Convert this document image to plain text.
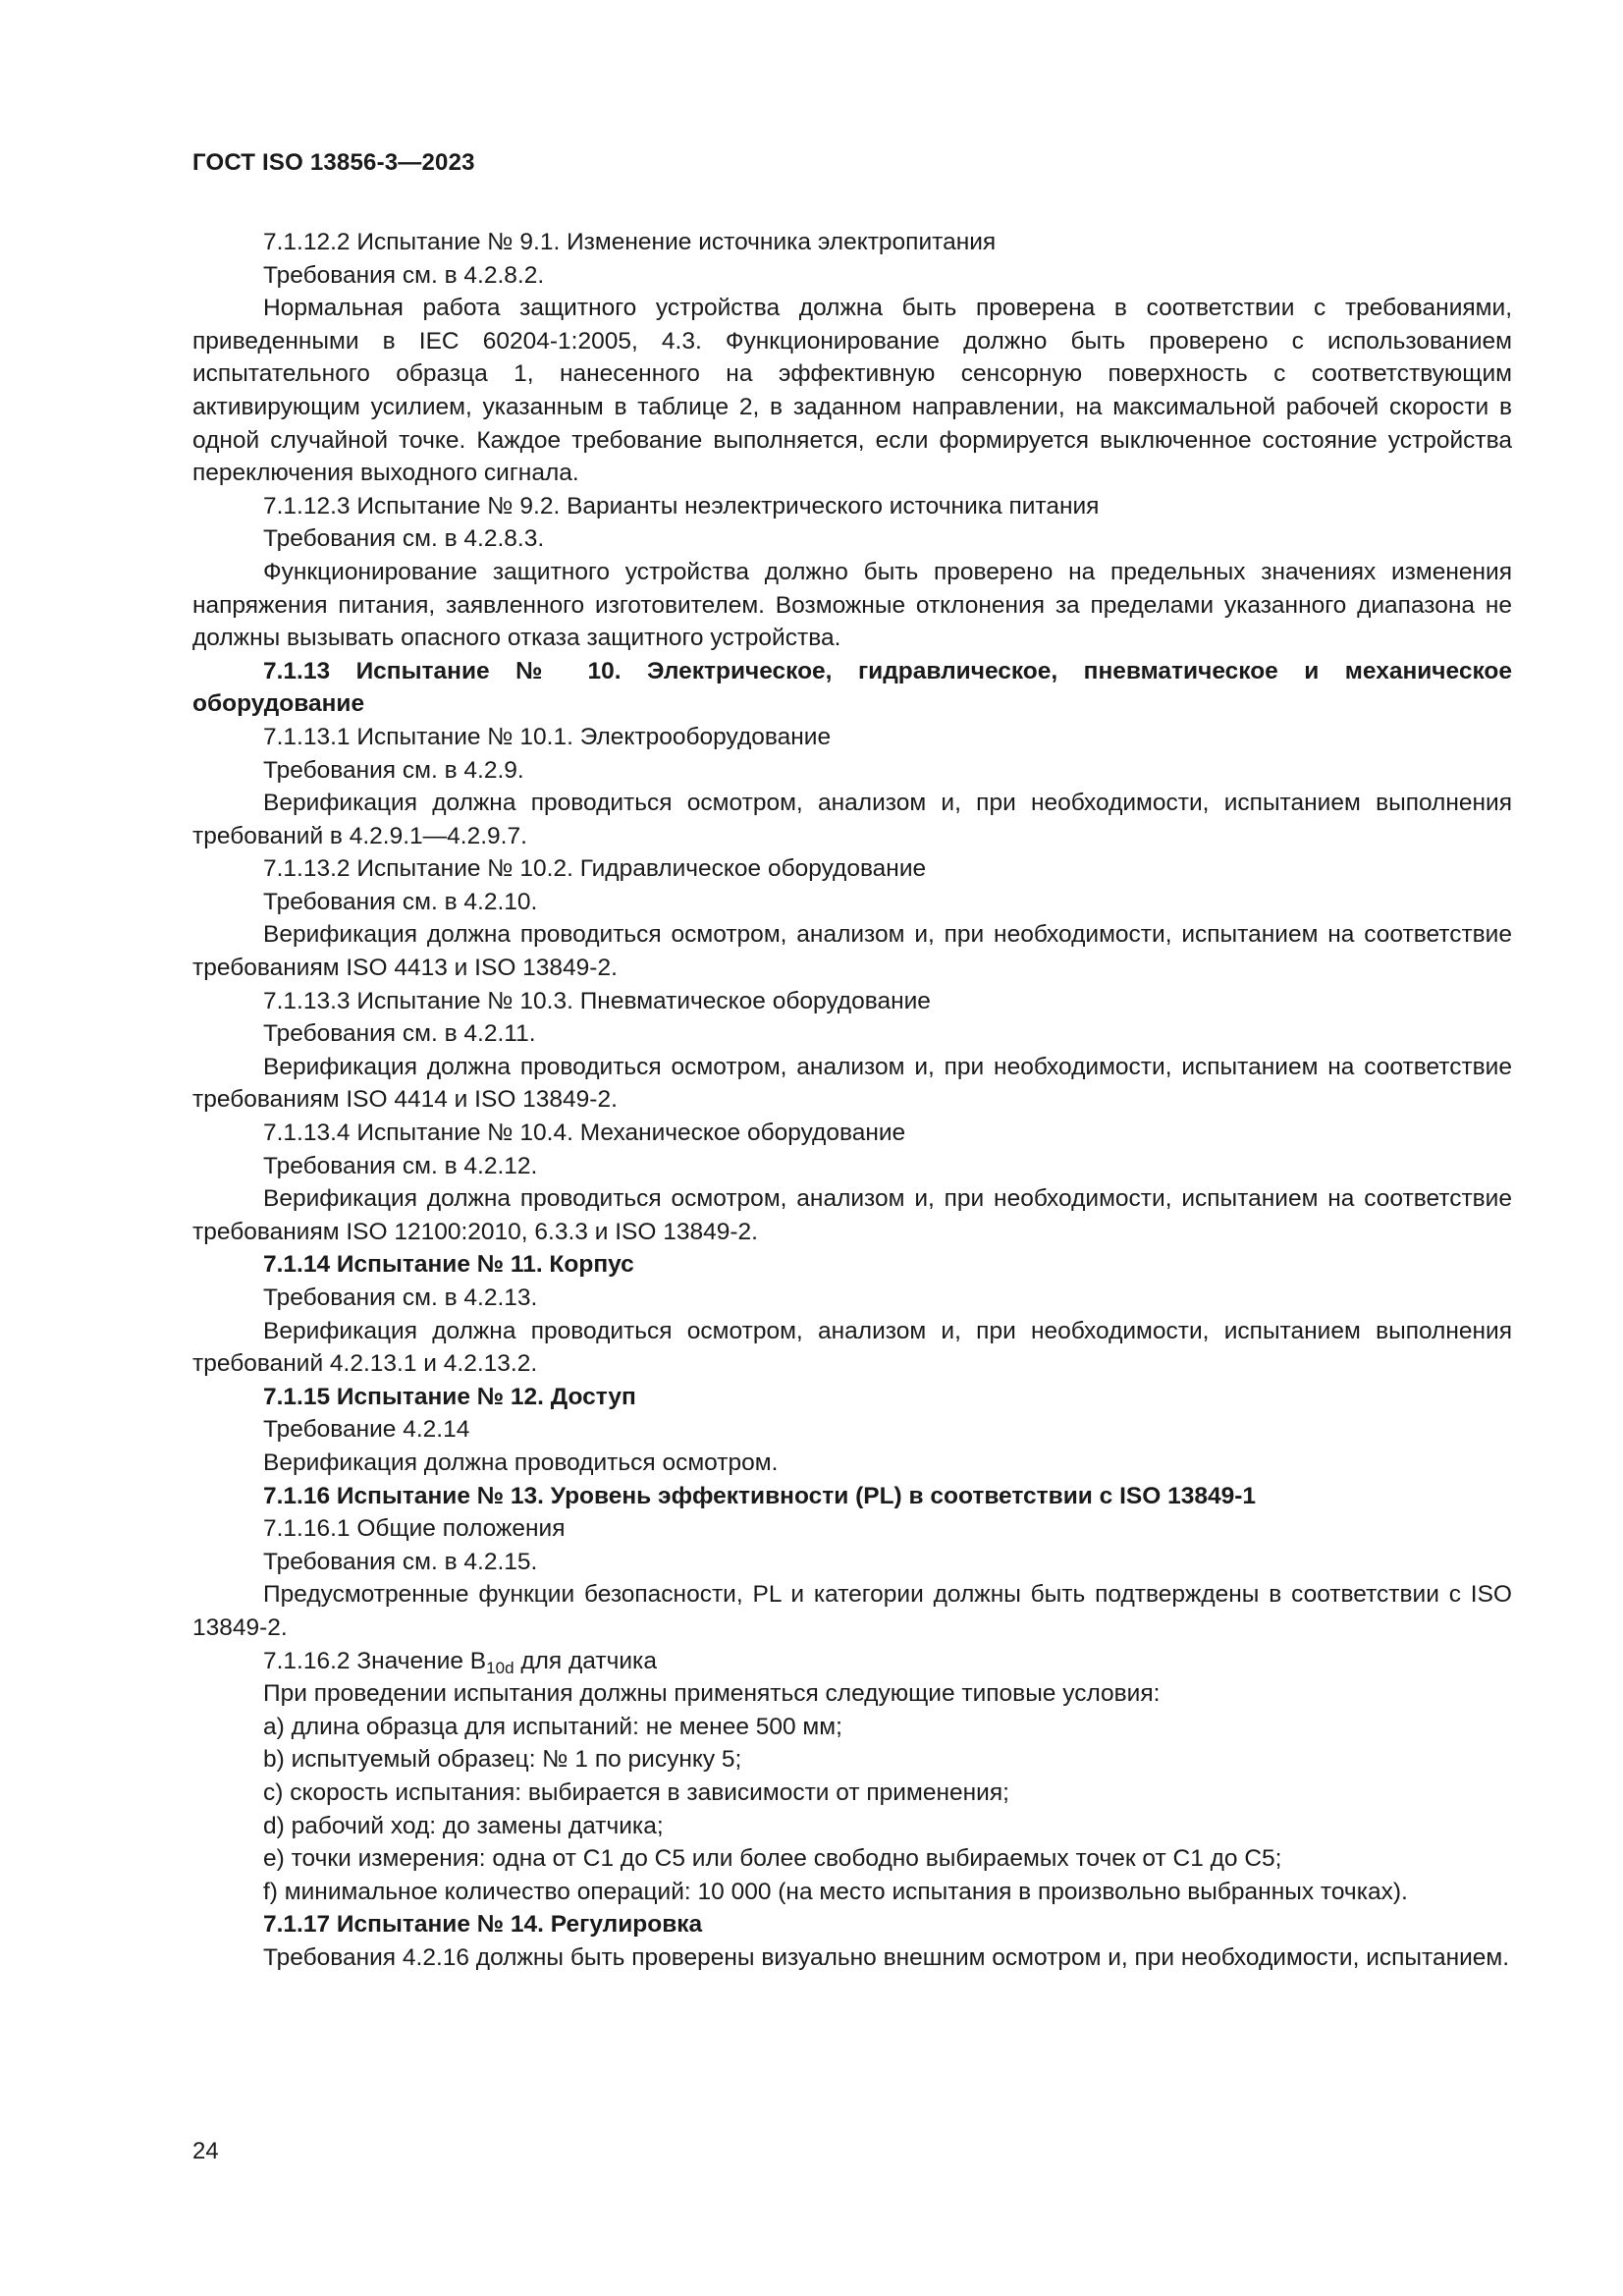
ГОСТ ISO 13856-3—2023

7.1.12.2 Испытание № 9.1. Изменение источника электропитания

Требования см. в 4.2.8.2.

Нормальная работа защитного устройства должна быть проверена в соответствии с требованиями, приведенными в IEC 60204-1:2005, 4.3. Функционирование должно быть проверено с использованием испытательного образца 1, нанесенного на эффективную сенсорную поверхность с соответствующим активирующим усилием, указанным в таблице 2, в заданном направлении, на максимальной рабочей скорости в одной случайной точке. Каждое требование выполняется, если формируется выключенное состояние устройства переключения выходного сигнала.

7.1.12.3 Испытание № 9.2. Варианты неэлектрического источника питания

Требования см. в 4.2.8.3.

Функционирование защитного устройства должно быть проверено на предельных значениях изменения напряжения питания, заявленного изготовителем. Возможные отклонения за пределами указанного диапазона не должны вызывать опасного отказа защитного устройства.

7.1.13 Испытание № 10. Электрическое, гидравлическое, пневматическое и механическое оборудование

7.1.13.1 Испытание № 10.1. Электрооборудование

Требования см. в 4.2.9.

Верификация должна проводиться осмотром, анализом и, при необходимости, испытанием выполнения требований в 4.2.9.1—4.2.9.7.

7.1.13.2 Испытание № 10.2. Гидравлическое оборудование

Требования см. в 4.2.10.

Верификация должна проводиться осмотром, анализом и, при необходимости, испытанием на соответствие требованиям ISO 4413 и ISO 13849-2.

7.1.13.3 Испытание № 10.3. Пневматическое оборудование

Требования см. в 4.2.11.

Верификация должна проводиться осмотром, анализом и, при необходимости, испытанием на соответствие требованиям ISO 4414 и ISO 13849-2.

7.1.13.4 Испытание № 10.4. Механическое оборудование

Требования см. в 4.2.12.

Верификация должна проводиться осмотром, анализом и, при необходимости, испытанием на соответствие требованиям ISO 12100:2010, 6.3.3 и ISO 13849-2.

7.1.14 Испытание № 11. Корпус

Требования см. в 4.2.13.

Верификация должна проводиться осмотром, анализом и, при необходимости, испытанием выполнения требований 4.2.13.1 и 4.2.13.2.

7.1.15 Испытание № 12. Доступ

Требование 4.2.14

Верификация должна проводиться осмотром.

7.1.16 Испытание № 13. Уровень эффективности (PL) в соответствии с ISO 13849-1

7.1.16.1 Общие положения

Требования см. в 4.2.15.

Предусмотренные функции безопасности, PL и категории должны быть подтверждены в соответствии с ISO 13849-2.

7.1.16.2 Значение $B_{10d}$ для датчика

При проведении испытания должны применяться следующие типовые условия:

a) длина образца для испытаний: не менее 500 мм;

b) испытуемый образец: № 1 по рисунку 5;

c) скорость испытания: выбирается в зависимости от применения;

d) рабочий ход: до замены датчика;

e) точки измерения: одна от С1 до С5 или более свободно выбираемых точек от С1 до С5;

f) минимальное количество операций: 10 000 (на место испытания в произвольно выбранных точках).

7.1.17 Испытание № 14. Регулировка

Требования 4.2.16 должны быть проверены визуально внешним осмотром и, при необходимости, испытанием.

24
